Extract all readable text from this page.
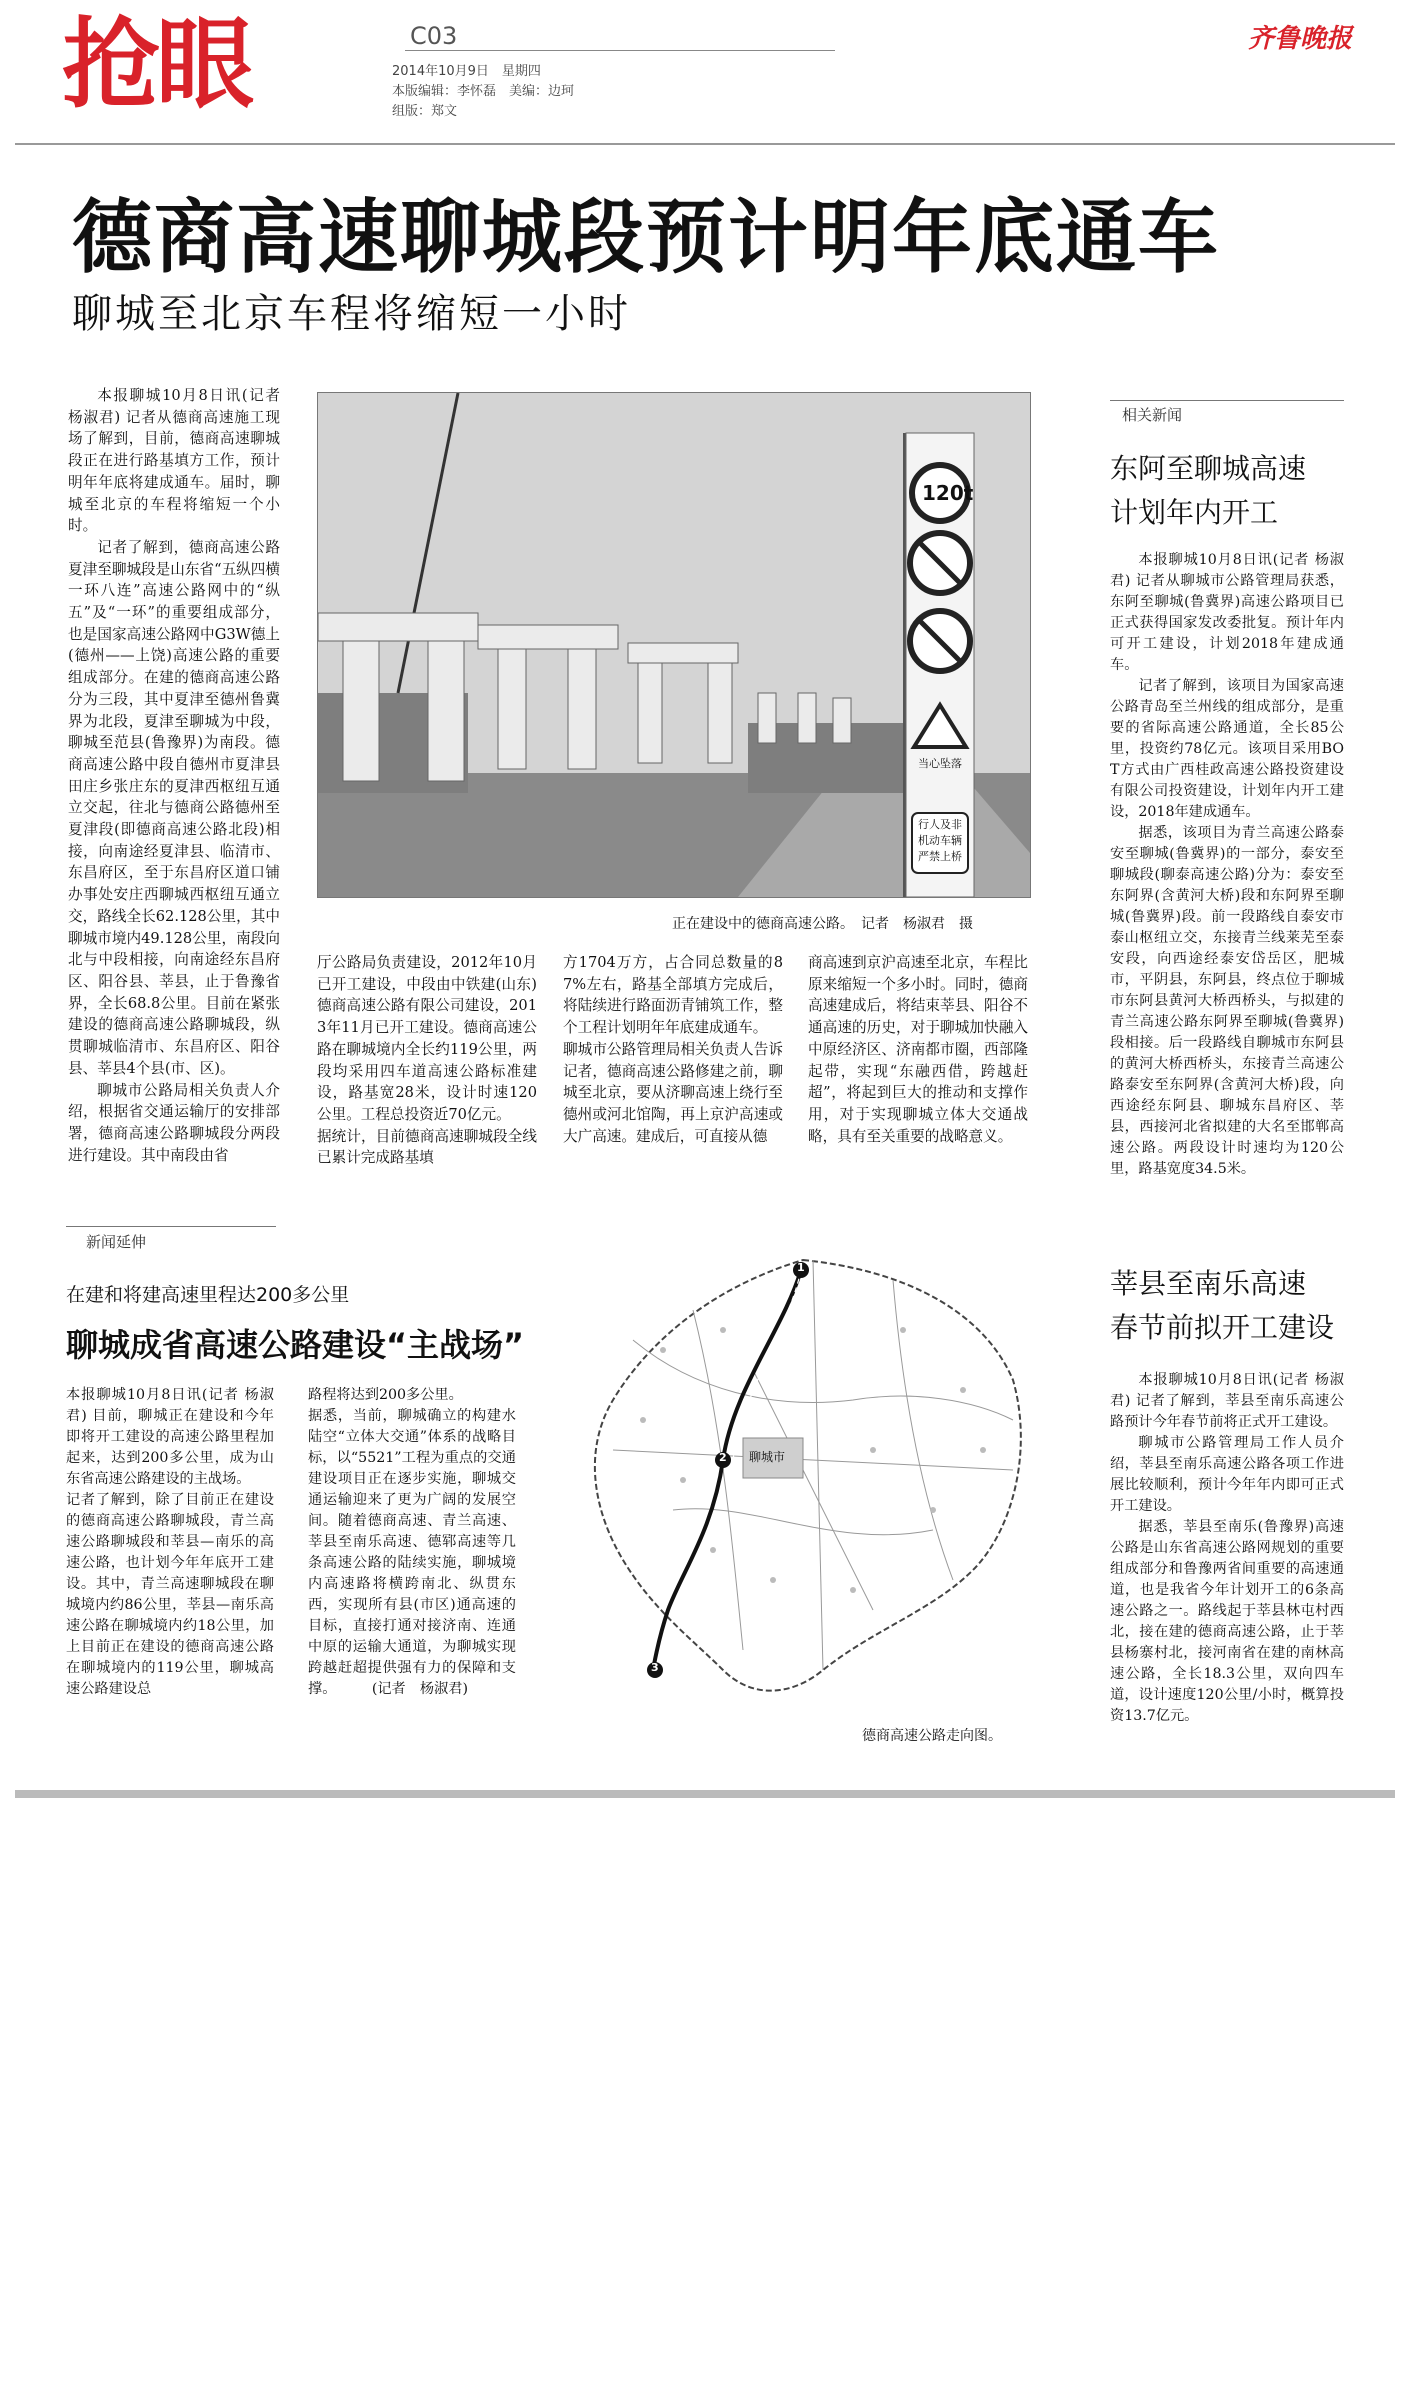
抢眼	C03
2014年10月9日　星期四
本版编辑：李怀磊　美编：边珂
组版：郑文
齐鲁晚报
德商高速聊城段预计明年底通车
聊城至北京车程将缩短一小时

本报聊城10月8日讯(记者 杨淑君) 记者从德商高速施工现场了解到，目前，德商高速聊城段正在进行路基填方工作，预计明年年底将建成通车。届时，聊城至北京的车程将缩短一个小时。

记者了解到，德商高速公路夏津至聊城段是山东省“五纵四横一环八连”高速公路网中的“纵五”及“一环”的重要组成部分，也是国家高速公路网中G3W德上(德州——上饶)高速公路的重要组成部分。在建的德商高速公路分为三段，其中夏津至德州鲁冀界为北段，夏津至聊城为中段，聊城至范县(鲁豫界)为南段。德商高速公路中段自德州市夏津县田庄乡张庄东的夏津西枢纽互通立交起，往北与德商公路德州至夏津段(即德商高速公路北段)相接，向南途经夏津县、临清市、东昌府区，至于东昌府区道口铺办事处安庄西聊城西枢纽互通立交，路线全长62.128公里，其中聊城市境内49.128公里，南段向北与中段相接，向南途经东昌府区、阳谷县、莘县，止于鲁豫省界，全长68.8公里。目前在紧张建设的德商高速公路聊城段，纵贯聊城临清市、东昌府区、阳谷县、莘县4个县(市、区)。

聊城市公路局相关负责人介绍，根据省交通运输厅的安排部署，德商高速公路聊城段分两段进行建设。其中南段由省

120t
当心坠落
行人及非机动车辆严禁上桥
正在建设中的德商高速公路。　记者　杨淑君　摄
厅公路局负责建设，2012年10月已开工建设，中段由中铁建(山东)德商高速公路有限公司建设，2013年11月已开工建设。德商高速公路在聊城境内全长约119公里，两段均采用四车道高速公路标准建设，路基宽28米，设计时速120公里。工程总投资近70亿元。
据统计，目前德商高速聊城段全线已累计完成路基填
方1704万方，占合同总数量的87%左右，路基全部填方完成后，将陆续进行路面沥青铺筑工作，整个工程计划明年年底建成通车。
聊城市公路管理局相关负责人告诉记者，德商高速公路修建之前，聊城至北京，要从济聊高速上绕行至德州或河北馆陶，再上京沪高速或大广高速。建成后，可直接从德
商高速到京沪高速至北京，车程比原来缩短一个多小时。同时，德商高速建成后，将结束莘县、阳谷不通高速的历史，对于聊城加快融入中原经济区、济南都市圈，西部隆起带，实现“东融西借，跨越赶超”，将起到巨大的推动和支撑作用，对于实现聊城立体大交通战略，具有至关重要的战略意义。
相关新闻
东阿至聊城高速
计划年内开工

本报聊城10月8日讯(记者 杨淑君) 记者从聊城市公路管理局获悉，东阿至聊城(鲁冀界)高速公路项目已正式获得国家发改委批复。预计年内可开工建设，计划2018年建成通车。

记者了解到，该项目为国家高速公路青岛至兰州线的组成部分，是重要的省际高速公路通道，全长85公里，投资约78亿元。该项目采用BOT方式由广西桂政高速公路投资建设有限公司投资建设，计划年内开工建设，2018年建成通车。

据悉，该项目为青兰高速公路泰安至聊城(鲁冀界)的一部分，泰安至聊城段(聊泰高速公路)分为：泰安至东阿界(含黄河大桥)段和东阿界至聊城(鲁冀界)段。前一段路线自泰安市泰山枢纽立交，东接青兰线莱芜至泰安段，向西途经泰安岱岳区，肥城市，平阴县，东阿县，终点位于聊城市东阿县黄河大桥西桥头，与拟建的青兰高速公路东阿界至聊城(鲁冀界)段相接。后一段路线自聊城市东阿县的黄河大桥西桥头，东接青兰高速公路泰安至东阿界(含黄河大桥)段，向西途经东阿县、聊城东昌府区、莘县，西接河北省拟建的大名至邯郸高速公路。两段设计时速均为120公里，路基宽度34.5米。

莘县至南乐高速
春节前拟开工建设

本报聊城10月8日讯(记者 杨淑君) 记者了解到，莘县至南乐高速公路预计今年春节前将正式开工建设。

聊城市公路管理局工作人员介绍，莘县至南乐高速公路各项工作进展比较顺利，预计今年年内即可正式开工建设。

据悉，莘县至南乐(鲁豫界)高速公路是山东省高速公路网规划的重要组成部分和鲁豫两省间重要的高速通道，也是我省今年计划开工的6条高速公路之一。路线起于莘县林屯村西北，接在建的德商高速公路，止于莘县杨寨村北，接河南省在建的南林高速公路，全长18.3公里，双向四车道，设计速度120公里/小时，概算投资13.7亿元。

新闻延伸
在建和将建高速里程达200多公里
聊城成省高速公路建设“主战场”
本报聊城10月8日讯(记者 杨淑君) 目前，聊城正在建设和今年即将开工建设的高速公路里程加起来，达到200多公里，成为山东省高速公路建设的主战场。
记者了解到，除了目前正在建设的德商高速公路聊城段，青兰高速公路聊城段和莘县—南乐的高速公路，也计划今年年底开工建设。其中，青兰高速聊城段在聊城境内约86公里，莘县—南乐高速公路在聊城境内约18公里，加上目前正在建设的德商高速公路在聊城境内的119公里，聊城高速公路建设总
路程将达到200多公里。
据悉，当前，聊城确立的构建水陆空“立体大交通”体系的战略目标，以“5521”工程为重点的交通建设项目正在逐步实施，聊城交通运输迎来了更为广阔的发展空间。随着德商高速、青兰高速、莘县至南乐高速、德郓高速等几条高速公路的陆续实施，聊城境内高速路将横跨南北、纵贯东西，实现所有县(市区)通高速的目标，直接打通对接济南、连通中原的运输大通道，为聊城实现跨越赶超提供强有力的保障和支撑。　　　(记者　杨淑君)
1
2
3
聊城市
德商高速公路走向图。
